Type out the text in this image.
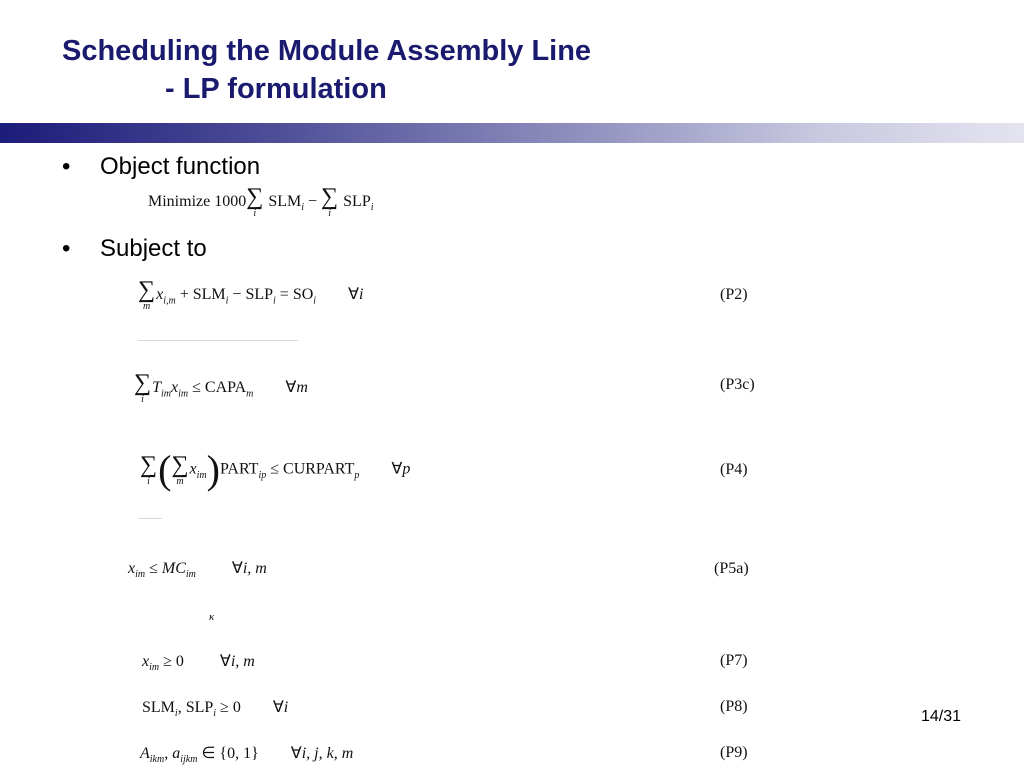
Scheduling the Module Assembly Line
- LP formulation
• Object function
Minimize 1000 ∑
i
$SLM_i$ − ∑
i
$SLP_i$
• Subject to
∑
m
$x_{i,m} + SLM_i - SLP_i = SO_i$        ∀i	(P2)
∑
i
$T_{im}x_{im}$ ≤ $CAPA_m$        ∀m	(P3c)
∑
i ( ∑
m
$x_{im})PART_{ip}$ ≤ $CURPART_p$        ∀p	(P4)
$x_{im} \le MC_{im}$         ∀i, m	(P5a)
κ
$x_{im} \ge 0$         ∀i, m	(P7)
$SLM_i$, $SLP_i \ge 0$        ∀i	(P8)
$A_{ikm}$, $a_{ijkm}$ ∈ {0, 1}        ∀i, j, k, m	(P9)
14/31
